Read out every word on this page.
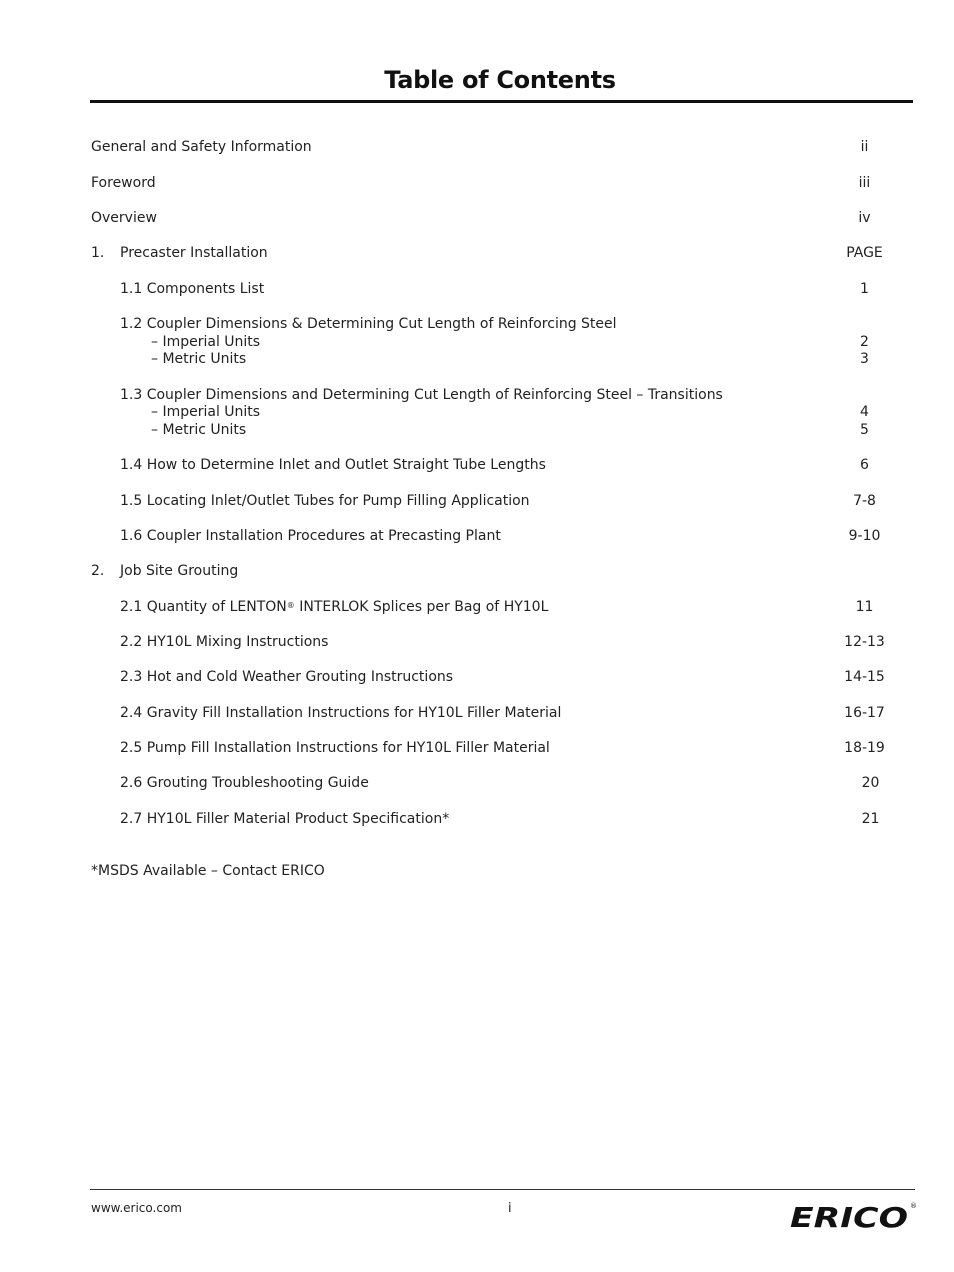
Table of Contents
General and Safety Information	ii
Foreword	iii
Overview	iv
1. Precaster Installation	PAGE
1.1 Components List	1
1.2 Coupler Dimensions & Determining Cut Length of Reinforcing Steel
– Imperial Units	2
– Metric Units	3
1.3 Coupler Dimensions and Determining Cut Length of Reinforcing Steel – Transitions
– Imperial Units	4
– Metric Units	5
1.4 How to Determine Inlet and Outlet Straight Tube Lengths	6
1.5 Locating Inlet/Outlet Tubes for Pump Filling Application	7-8
1.6 Coupler Installation Procedures at Precasting Plant	9-10
2. Job Site Grouting
2.1 Quantity of LENTON® INTERLOK Splices per Bag of HY10L	11
2.2 HY10L Mixing Instructions	12-13
2.3 Hot and Cold Weather Grouting Instructions	14-15
2.4 Gravity Fill Installation Instructions for HY10L Filler Material	16-17
2.5 Pump Fill Installation Instructions for HY10L Filler Material	18-19
2.6 Grouting Troubleshooting Guide	20
2.7 HY10L Filler Material Product Specification*	21
*MSDS Available – Contact ERICO
www.erico.com	i	ERICO ®
